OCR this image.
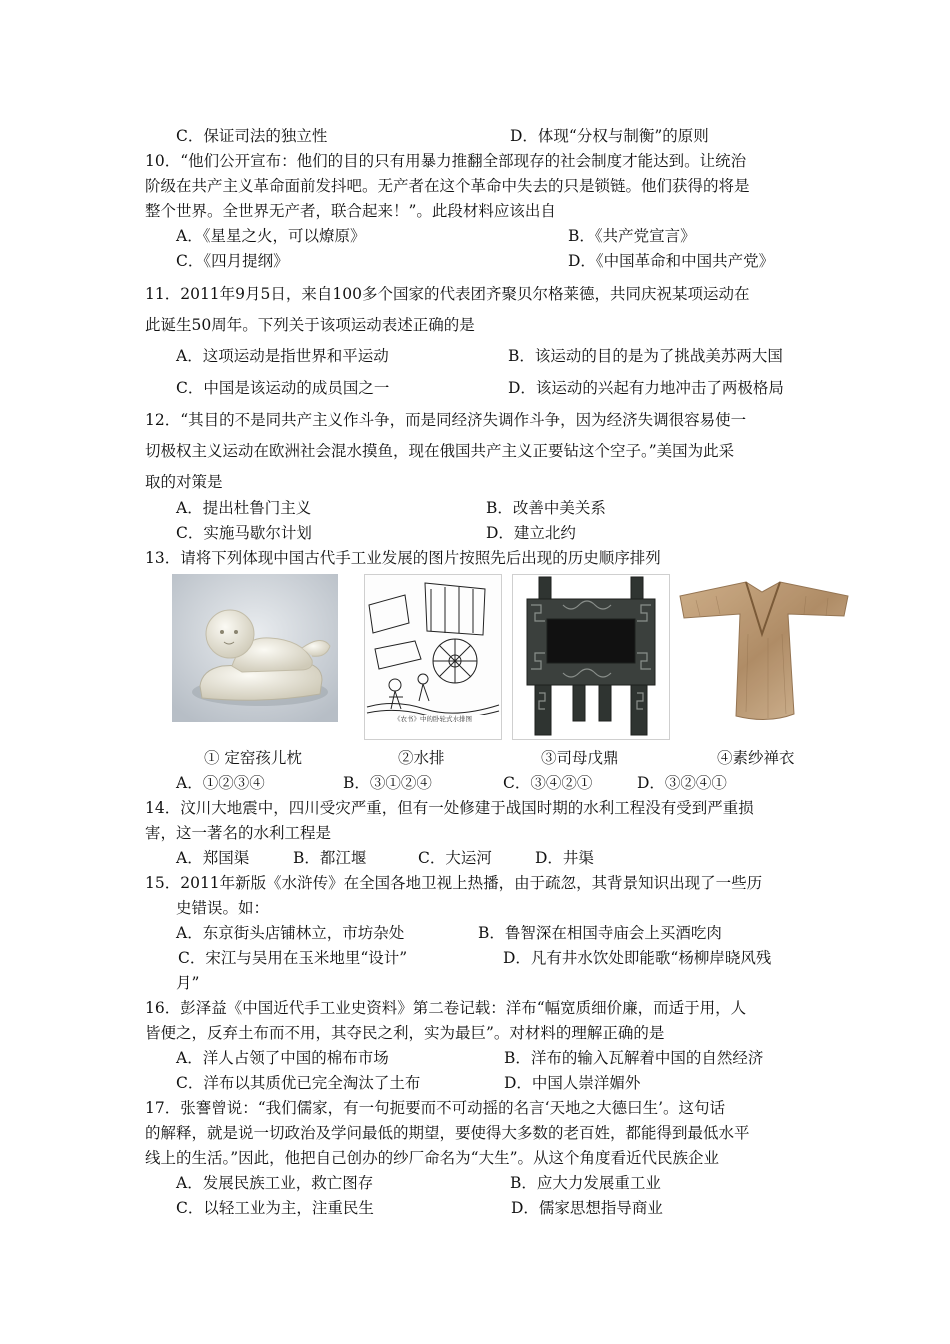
C．保证司法的独立性	D．体现“分权与制衡”的原则
10．“他们公开宣布：他们的目的只有用暴力推翻全部现存的社会制度才能达到。让统治
阶级在共产主义革命面前发抖吧。无产者在这个革命中失去的只是锁链。他们获得的将是
整个世界。全世界无产者，联合起来！”。此段材料应该出自
A．《星星之火，可以燎原》	B．《共产党宣言》
C．《四月提纲》	D．《中国革命和中国共产党》
11．2011年9月5日，来自100多个国家的代表团齐聚贝尔格莱德，共同庆祝某项运动在
此诞生50周年。下列关于该项运动表述正确的是
A．这项运动是指世界和平运动	B．该运动的目的是为了挑战美苏两大国
C．中国是该运动的成员国之一	D．该运动的兴起有力地冲击了两极格局
12．“其目的不是同共产主义作斗争，而是同经济失调作斗争，因为经济失调很容易使一
切极权主义运动在欧洲社会混水摸鱼，现在俄国共产主义正要钻这个空子。”美国为此采
取的对策是
A．提出杜鲁门主义	B．改善中美关系
C．实施马歇尔计划	D．建立北约
13．请将下列体现中国古代手工业发展的图片按照先后出现的历史顺序排列
《农书》中的卧轮式水排图
① 定窑孩儿枕	②水排	③司母戊鼎	④素纱禅衣
A．①②③④	B．③①②④	C．③④②①	D．③②④①
14．汶川大地震中，四川受灾严重，但有一处修建于战国时期的水利工程没有受到严重损
害，这一著名的水利工程是
A．郑国渠	B．都江堰	C．大运河	D．井渠
15．2011年新版《水浒传》在全国各地卫视上热播，由于疏忽，其背景知识出现了一些历
史错误。如：
A．东京街头店铺林立，市坊杂处	B．鲁智深在相国寺庙会上买酒吃肉
C．宋江与吴用在玉米地里“设计”	D．凡有井水饮处即能歌“杨柳岸晓风残
月”
16．彭泽益《中国近代手工业史资料》第二卷记载：洋布“幅宽质细价廉，而适于用，人
皆便之，反弃土布而不用，其夺民之利，实为最巨”。对材料的理解正确的是
A．洋人占领了中国的棉布市场	B．洋布的输入瓦解着中国的自然经济
C．洋布以其质优已完全淘汰了土布	D．中国人崇洋媚外
17．张謇曾说：“我们儒家，有一句扼要而不可动摇的名言‘天地之大德曰生’。这句话
的解释，就是说一切政治及学问最低的期望，要使得大多数的老百姓，都能得到最低水平
线上的生活。”因此，他把自己创办的纱厂命名为“大生”。从这个角度看近代民族企业
A．发展民族工业，救亡图存	B．应大力发展重工业
C．以轻工业为主，注重民生	D．儒家思想指导商业
